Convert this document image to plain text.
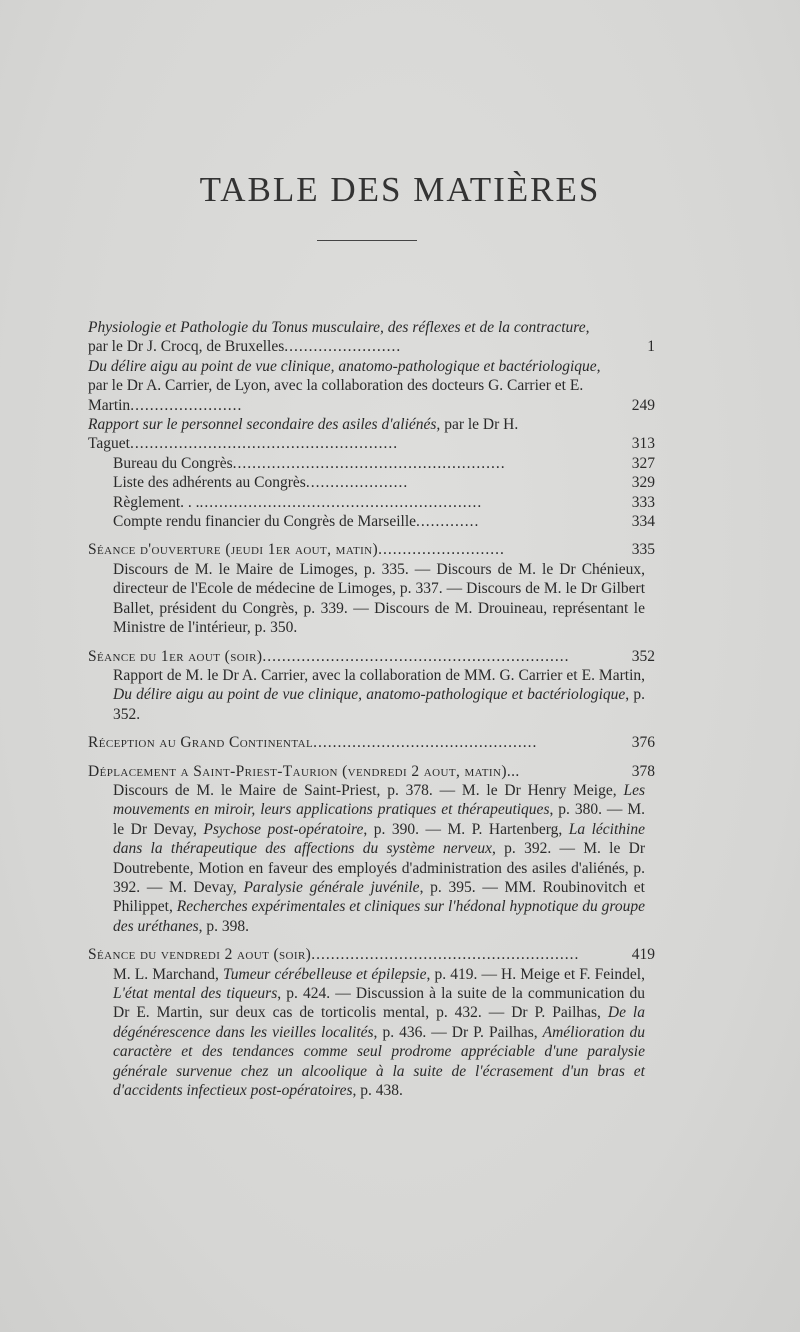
TABLE DES MATIÈRES
Physiologie et Pathologie du Tonus musculaire, des réflexes et de la contracture, par le Dr J. Crocq, de Bruxelles........................	1
Du délire aigu au point de vue clinique, anatomo-pathologique et bactériologique, par le Dr A. Carrier, de Lyon, avec la collaboration des docteurs G. Carrier et E. Martin.......................	249
Rapport sur le personnel secondaire des asiles d'aliénés, par le Dr H. Taguet.......................................................	313
Bureau du Congrès........................................................	327
Liste des adhérents au Congrès.....................	329
Règlement. . ...........................................................	333
Compte rendu financier du Congrès de Marseille.............	334
Séance d'ouverture (jeudi 1er aout, matin)..........................	335
Discours de M. le Maire de Limoges, p. 335. — Discours de M. le Dr Chénieux, directeur de l'Ecole de médecine de Limoges, p. 337. — Discours de M. le Dr Gilbert Ballet, président du Congrès, p. 339. — Discours de M. Drouineau, représentant le Ministre de l'intérieur, p. 350.
Séance du 1er aout (soir)...............................................................	352
Rapport de M. le Dr A. Carrier, avec la collaboration de MM. G. Carrier et E. Martin, Du délire aigu au point de vue clinique, anatomo-pathologique et bactériologique, p. 352.
Réception au Grand Continental..............................................	376
Déplacement a Saint-Priest-Taurion (vendredi 2 aout, matin)...	378
Discours de M. le Maire de Saint-Priest, p. 378. — M. le Dr Henry Meige, Les mouvements en miroir, leurs applications pratiques et thérapeutiques, p. 380. — M. le Dr Devay, Psychose post-opératoire, p. 390. — M. P. Hartenberg, La lécithine dans la thérapeutique des affections du système nerveux, p. 392. — M. le Dr Doutrebente, Motion en faveur des employés d'administration des asiles d'aliénés, p. 392. — M. Devay, Paralysie générale juvénile, p. 395. — MM. Roubinovitch et Philippet, Recherches expérimentales et cliniques sur l'hédonal hypnotique du groupe des uréthanes, p. 398.
Séance du vendredi 2 aout (soir).......................................................	419
M. L. Marchand, Tumeur cérébelleuse et épilepsie, p. 419. — H. Meige et F. Feindel, L'état mental des tiqueurs, p. 424. — Discussion à la suite de la communication du Dr E. Martin, sur deux cas de torticolis mental, p. 432. — Dr P. Pailhas, De la dégénérescence dans les vieilles localités, p. 436. — Dr P. Pailhas, Amélioration du caractère et des tendances comme seul prodrome appréciable d'une paralysie générale survenue chez un alcoolique à la suite de l'écrasement d'un bras et d'accidents infectieux post-opératoires, p. 438.
